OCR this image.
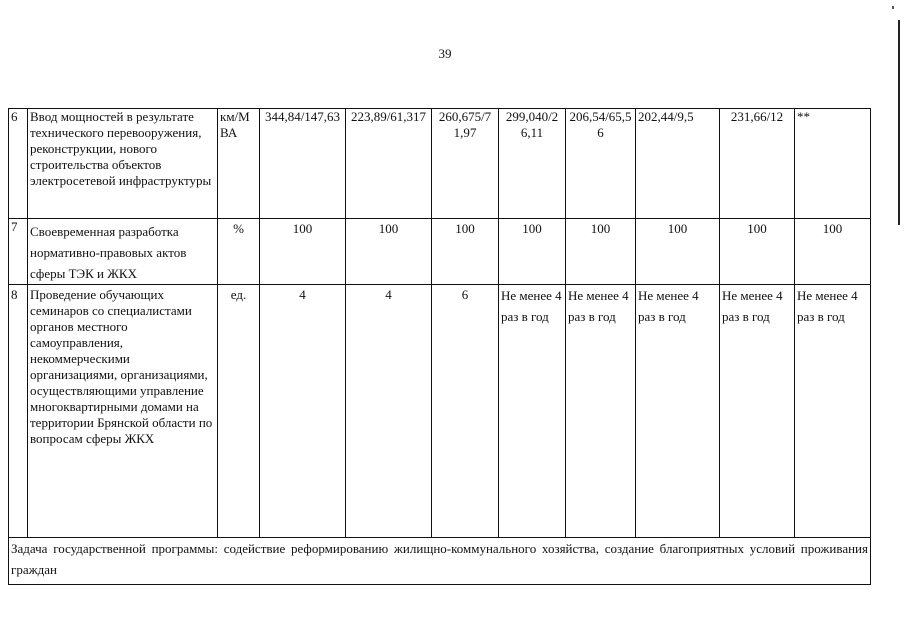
39
6	Ввод мощностей в результате технического перевооружения, реконструкции, нового строительства объектов электросетевой инфраструктуры	км/МВА	344,84/147,63	223,89/61,317	260,675/71,97	299,040/26,11	206,54/65,56	202,44/9,5	231,66/12	**
7	Своевременная разработка нормативно-правовых актов сферы ТЭК и ЖКХ	%	100	100	100	100	100	100	100	100
8	Проведение обучающих семинаров со специалистами органов местного самоуправления, некоммерческими организациями, организациями, осуществляющими управление многоквартирными домами на территории Брянской области по вопросам сферы ЖКХ	ед.	4	4	6	Не менее 4 раз в год	Не менее 4 раз в год	Не менее 4 раз в год	Не менее 4 раз в год	Не менее 4 раз в год
Задача государственной программы: содействие реформированию жилищно-коммунального хозяйства, создание благоприятных условий проживания граждан										
